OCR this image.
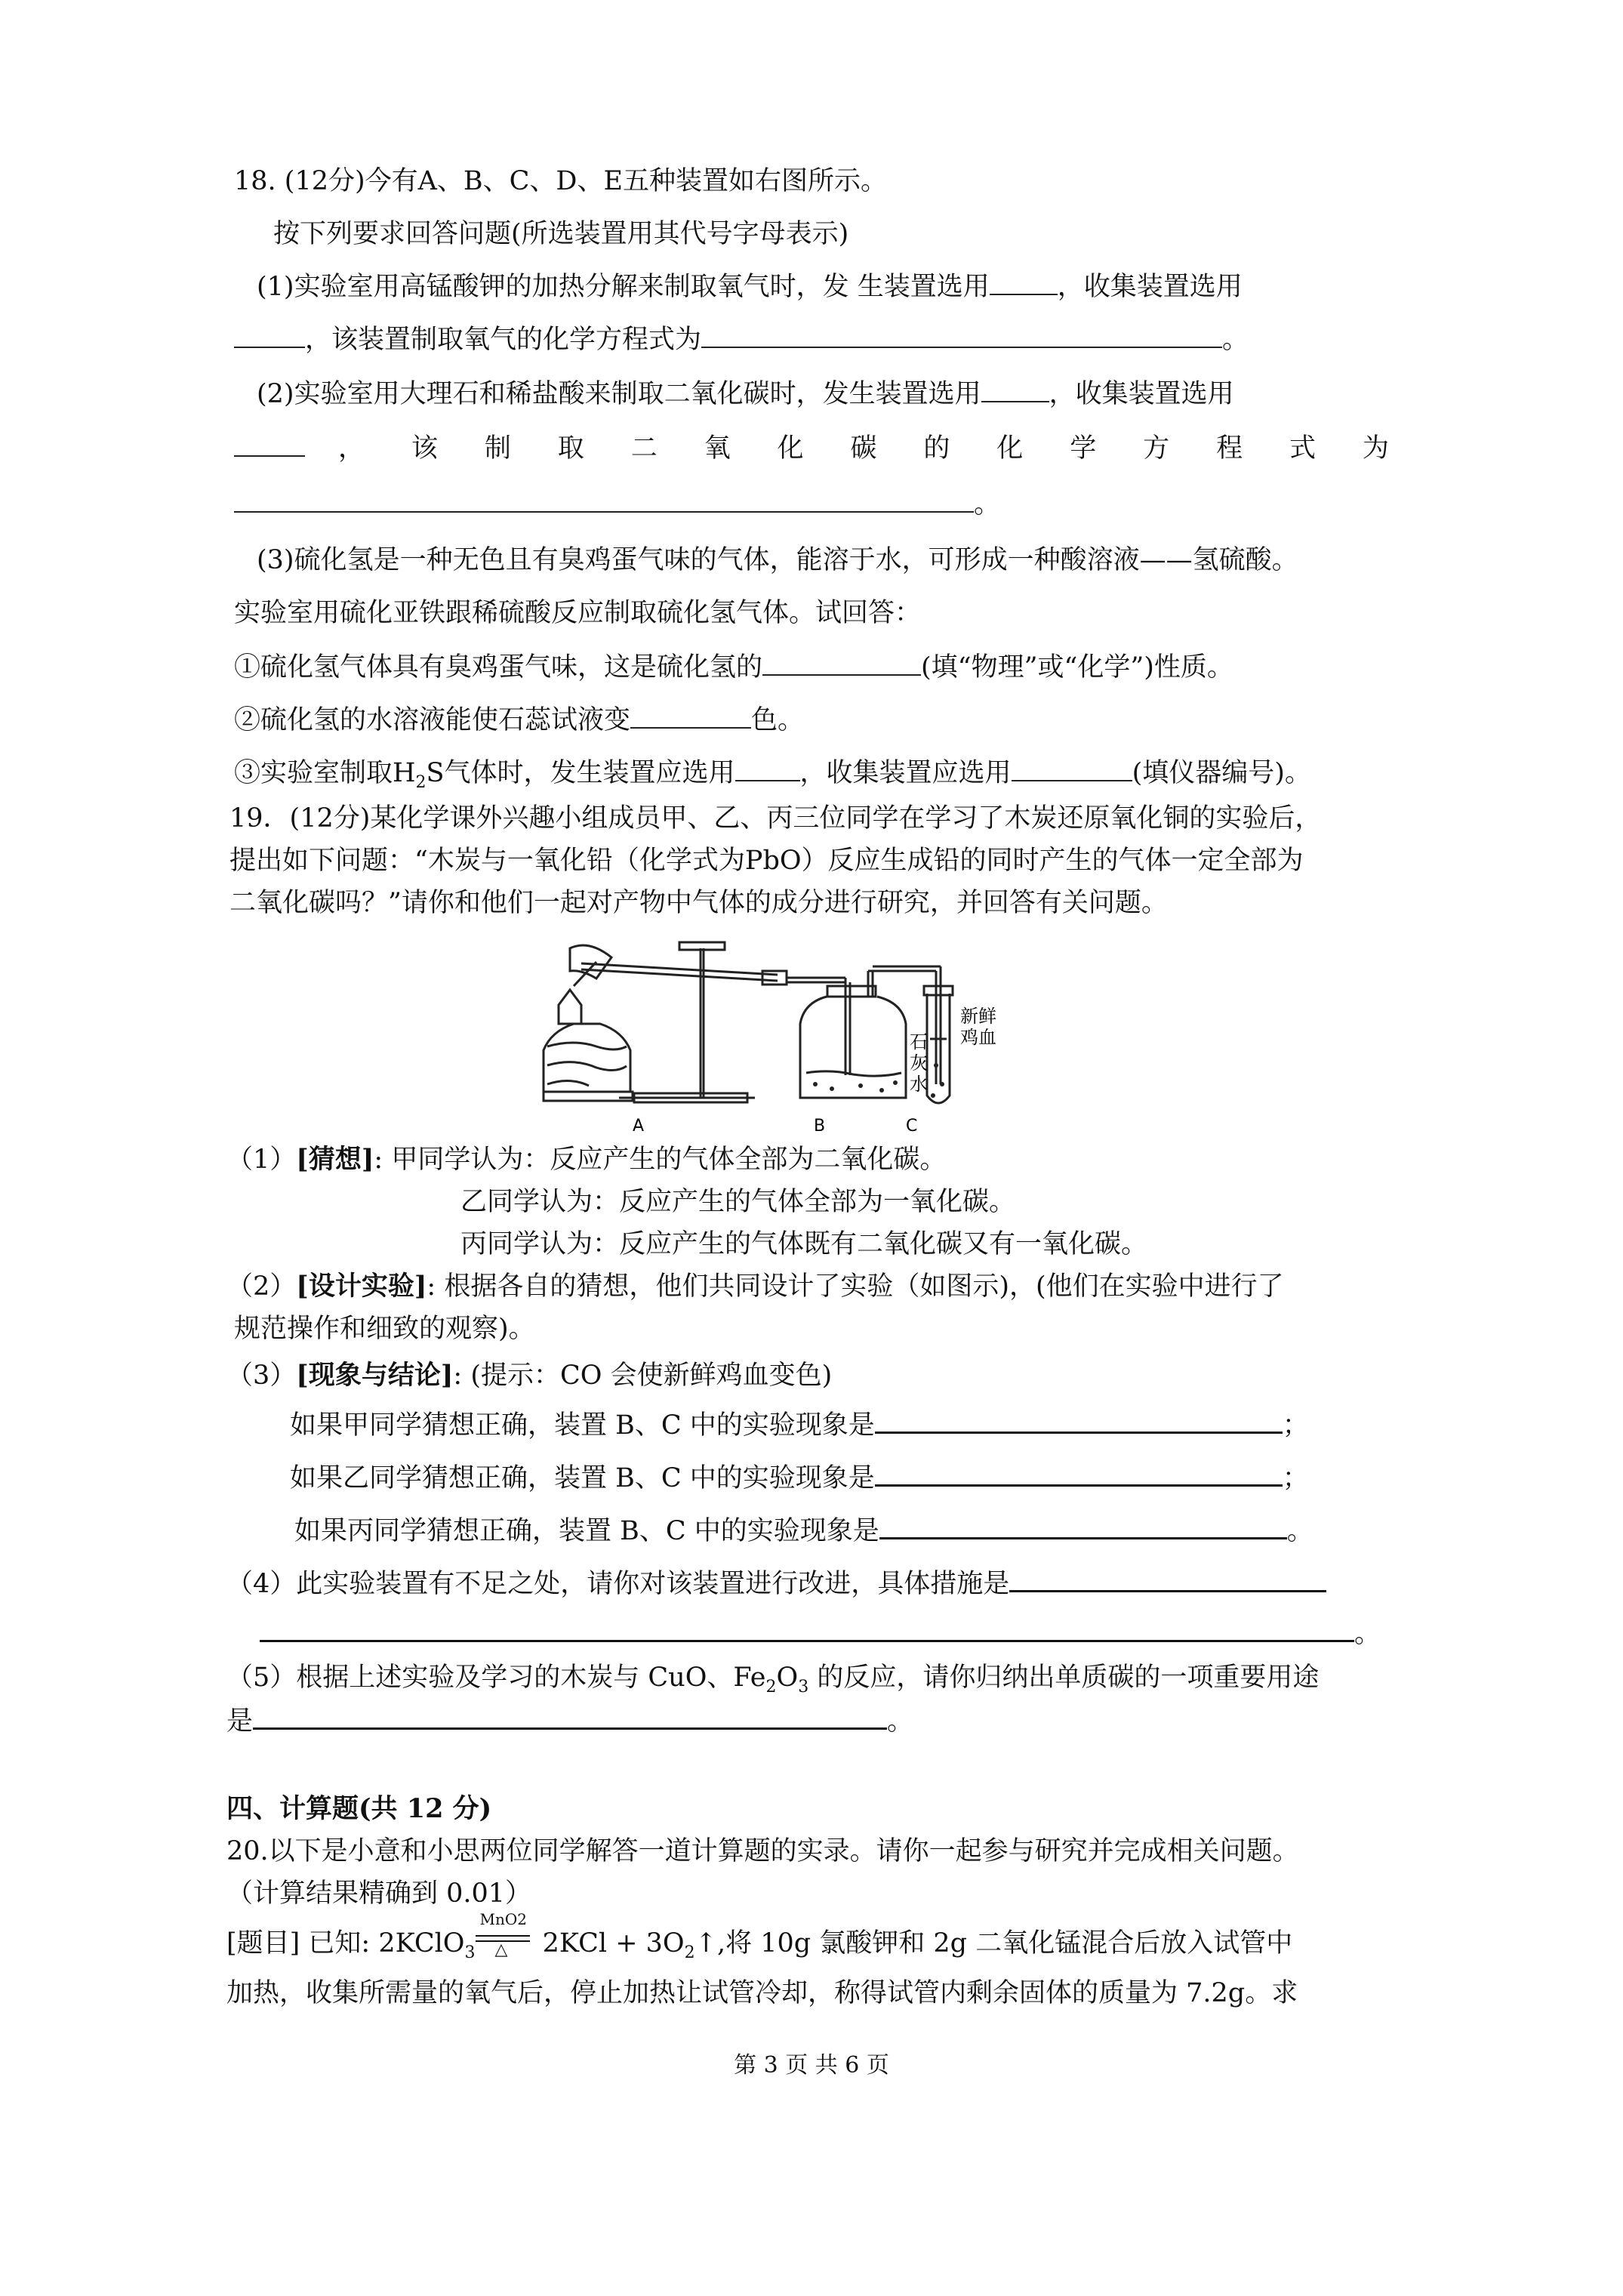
18. (12分)今有A、B、C、D、E五种装置如右图所示。
按下列要求回答问题(所选装置用其代号字母表示)
(1)实验室用高锰酸钾的加热分解来制取氧气时，发 生装置选用	，收集装置选用
，该装置制取氧气的化学方程式为	。
(2)实验室用大理石和稀盐酸来制取二氧化碳时，发生装置选用	，收集装置选用
， 该 制 取 二 氧 化 碳 的 化 学 方 程 式 为
。
(3)硫化氢是一种无色且有臭鸡蛋气味的气体，能溶于水，可形成一种酸溶液——氢硫酸。
实验室用硫化亚铁跟稀硫酸反应制取硫化氢气体。试回答：
①硫化氢气体具有臭鸡蛋气味，这是硫化氢的	(填“物理”或“化学”)性质。
②硫化氢的水溶液能使石蕊试液变	色。
③实验室制取$H_2S$气体时，发生装置应选用 ，收集装置应选用	(填仪器编号)。
19．(12分)某化学课外兴趣小组成员甲、乙、丙三位同学在学习了木炭还原氧化铜的实验后，
提出如下问题：“木炭与一氧化铅（化学式为PbO）反应生成铅的同时产生的气体一定全部为
二氧化碳吗？”请你和他们一起对产物中气体的成分进行研究，并回答有关问题。
石
灰
水
新鲜
鸡血
A	B	C
（1）[猜想]: 甲同学认为：反应产生的气体全部为二氧化碳。
乙同学认为：反应产生的气体全部为一氧化碳。
丙同学认为：反应产生的气体既有二氧化碳又有一氧化碳。
（2）[设计实验]: 根据各自的猜想，他们共同设计了实验（如图示)，(他们在实验中进行了
规范操作和细致的观察)。
（3）[现象与结论]: (提示：CO 会使新鲜鸡血变色)
如果甲同学猜想正确，装置 B、C 中的实验现象是	；
如果乙同学猜想正确，装置 B、C 中的实验现象是	；
如果丙同学猜想正确，装置 B、C 中的实验现象是	。
（4）此实验装置有不足之处，请你对该装置进行改进，具体措施是
。
（5）根据上述实验及学习的木炭与 CuO、$Fe_2O_3$ 的反应，请你归纳出单质碳的一项重要用途
是	。
四、计算题(共 12 分)
20.以下是小意和小思两位同学解答一道计算题的实录。请你一起参与研究并完成相关问题。
（计算结果精确到 0.01）
[题目] 已知: 2KClO$_3$
MnO2
△ $2KCl + 3O_2↑$,将 10g 氯酸钾和 2g 二氧化锰混合后放入试管中
加热，收集所需量的氧气后，停止加热让试管冷却，称得试管内剩余固体的质量为 7.2g。求
第 3 页 共 6 页
